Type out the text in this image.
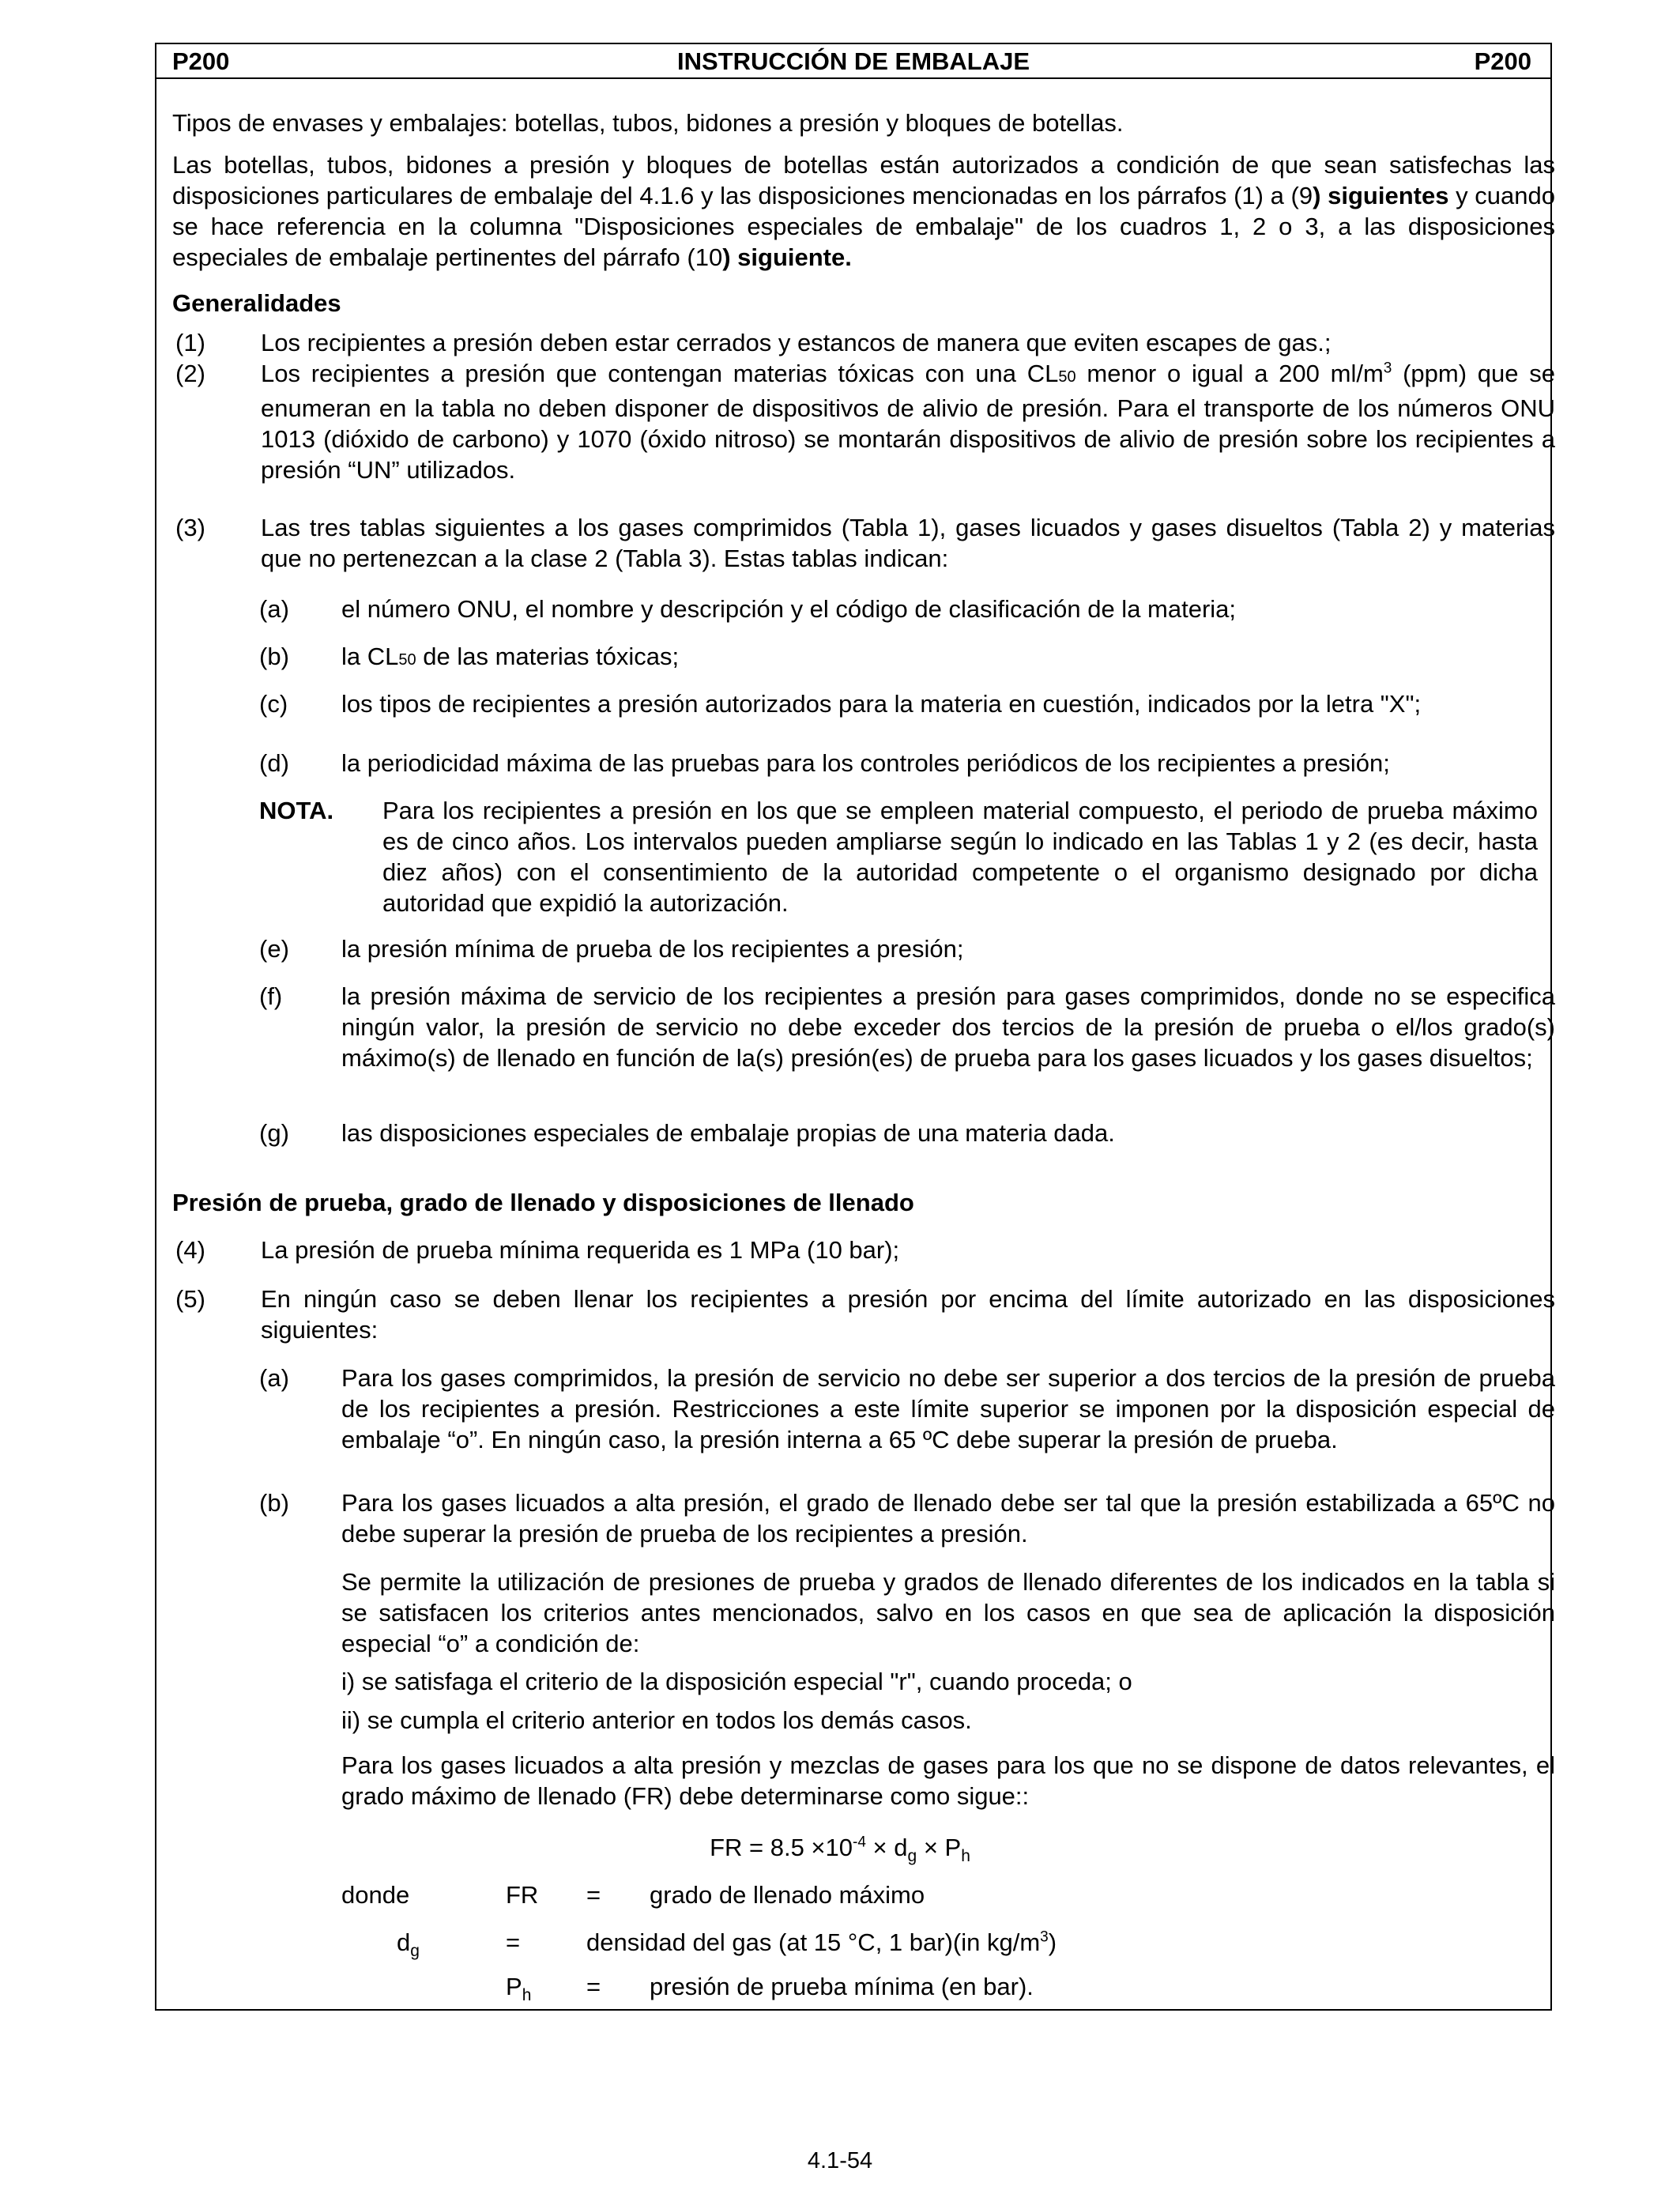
P200	INSTRUCCIÓN DE EMBALAJE	P200
Tipos de envases y embalajes: botellas, tubos, bidones a presión y bloques de botellas.
Las botellas, tubos, bidones a presión y bloques de botellas están autorizados a condición de que sean satisfechas las disposiciones particulares de embalaje del 4.1.6 y las disposiciones mencionadas en los párrafos (1) a (9) siguientes y cuando se hace referencia en la columna "Disposiciones especiales de embalaje" de los cuadros 1, 2 o 3, a las disposiciones especiales de embalaje pertinentes del párrafo (10) siguiente.
Generalidades
(1) Los recipientes a presión deben estar cerrados y estancos de manera que eviten escapes de gas.;
(2) Los recipientes a presión que contengan materias tóxicas con una CL50 menor o igual a 200 $ml/m^3$ (ppm) que se enumeran en la tabla no deben disponer de dispositivos de alivio de presión. Para el transporte de los números ONU 1013 (dióxido de carbono) y 1070 (óxido nitroso) se montarán dispositivos de alivio de presión sobre los recipientes a presión “UN” utilizados.
(3) Las tres tablas siguientes a los gases comprimidos (Tabla 1), gases licuados y gases disueltos (Tabla 2) y materias que no pertenezcan a la clase 2 (Tabla 3). Estas tablas indican:
(a) el número ONU, el nombre y descripción y el código de clasificación de la materia;
(b) la CL50 de las materias tóxicas;
(c) los tipos de recipientes a presión autorizados para la materia en cuestión, indicados por la letra "X";
(d) la periodicidad máxima de las pruebas para los controles periódicos de los recipientes a presión;
NOTA. Para los recipientes a presión en los que se empleen material compuesto, el periodo de prueba máximo es de cinco años. Los intervalos pueden ampliarse según lo indicado en las Tablas 1 y 2 (es decir, hasta diez años) con el consentimiento de la autoridad competente o el organismo designado por dicha autoridad que expidió la autorización.
(e) la presión mínima de prueba de los recipientes a presión;
(f) la presión máxima de servicio de los recipientes a presión para gases comprimidos, donde no se especifica ningún valor, la presión de servicio no debe exceder dos tercios de la presión de prueba o el/los grado(s) máximo(s) de llenado en función de la(s) presión(es) de prueba para los gases licuados y los gases disueltos;
(g) las disposiciones especiales de embalaje propias de una materia dada.
Presión de prueba, grado de llenado y disposiciones de llenado
(4) La presión de prueba mínima requerida es 1 MPa (10 bar);
(5) En ningún caso se deben llenar los recipientes a presión por encima del límite autorizado en las disposiciones siguientes:
(a) Para los gases comprimidos, la presión de servicio no debe ser superior a dos tercios de la presión de prueba de los recipientes a presión. Restricciones a este límite superior se imponen por la disposición especial de embalaje “o”. En ningún caso, la presión interna a 65 ºC debe superar la presión de prueba.
(b) Para los gases licuados a alta presión, el grado de llenado debe ser tal que la presión estabilizada a 65ºC no debe superar la presión de prueba de los recipientes a presión.
Se permite la utilización de presiones de prueba y grados de llenado diferentes de los indicados en la tabla si se satisfacen los criterios antes mencionados, salvo en los casos en que sea de aplicación la disposición especial “o” a condición de:
i) se satisfaga el criterio de la disposición especial "r", cuando proceda; o
ii) se cumpla el criterio anterior en todos los demás casos.
Para los gases licuados a alta presión y mezclas de gases para los que no se dispone de datos relevantes, el grado máximo de llenado (FR) debe determinarse como sigue::
FR = $8.5 \times 10^{-4} \times d_g \times P_h$
donde	FR = grado de llenado máximo
$d_g$	=	densidad del gas (at 15 °C, 1 bar)(in $kg/m^3$)
$P_h$ = presión de prueba mínima (en bar).
4.1-54
